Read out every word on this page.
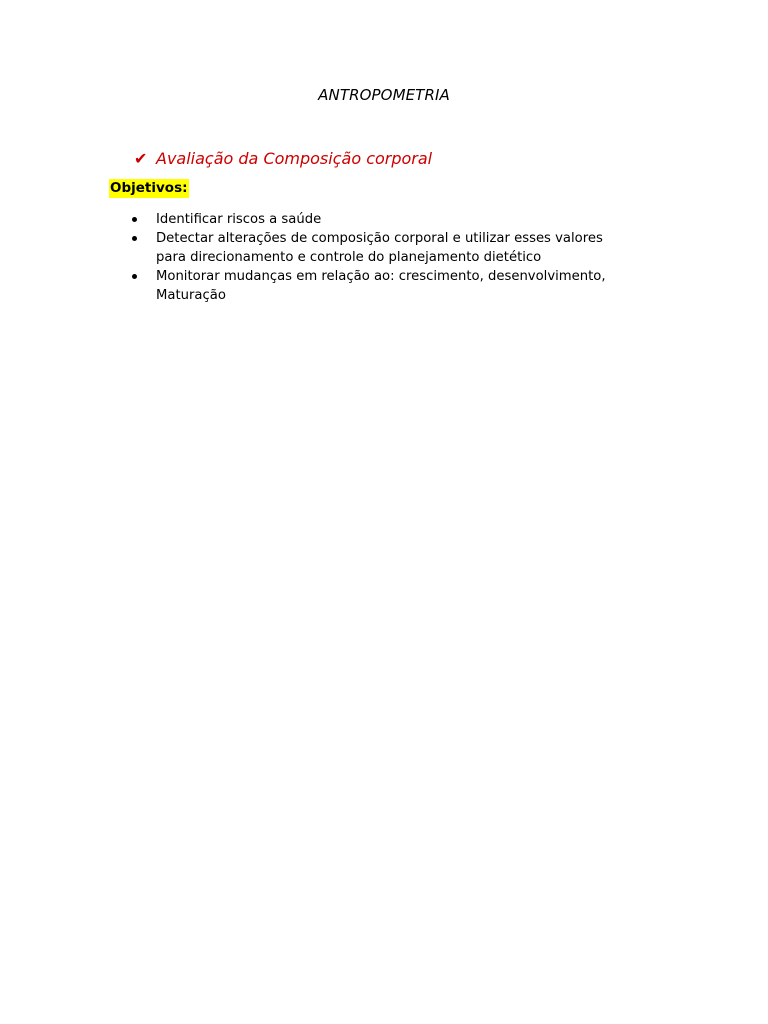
ANTROPOMETRIA
✔ Avaliação da Composição corporal
Objetivos:
Identificar riscos a saúde
Detectar alterações de composição corporal e utilizar esses valores para direcionamento e controle do planejamento dietético
Monitorar mudanças em relação ao: crescimento, desenvolvimento, Maturação
